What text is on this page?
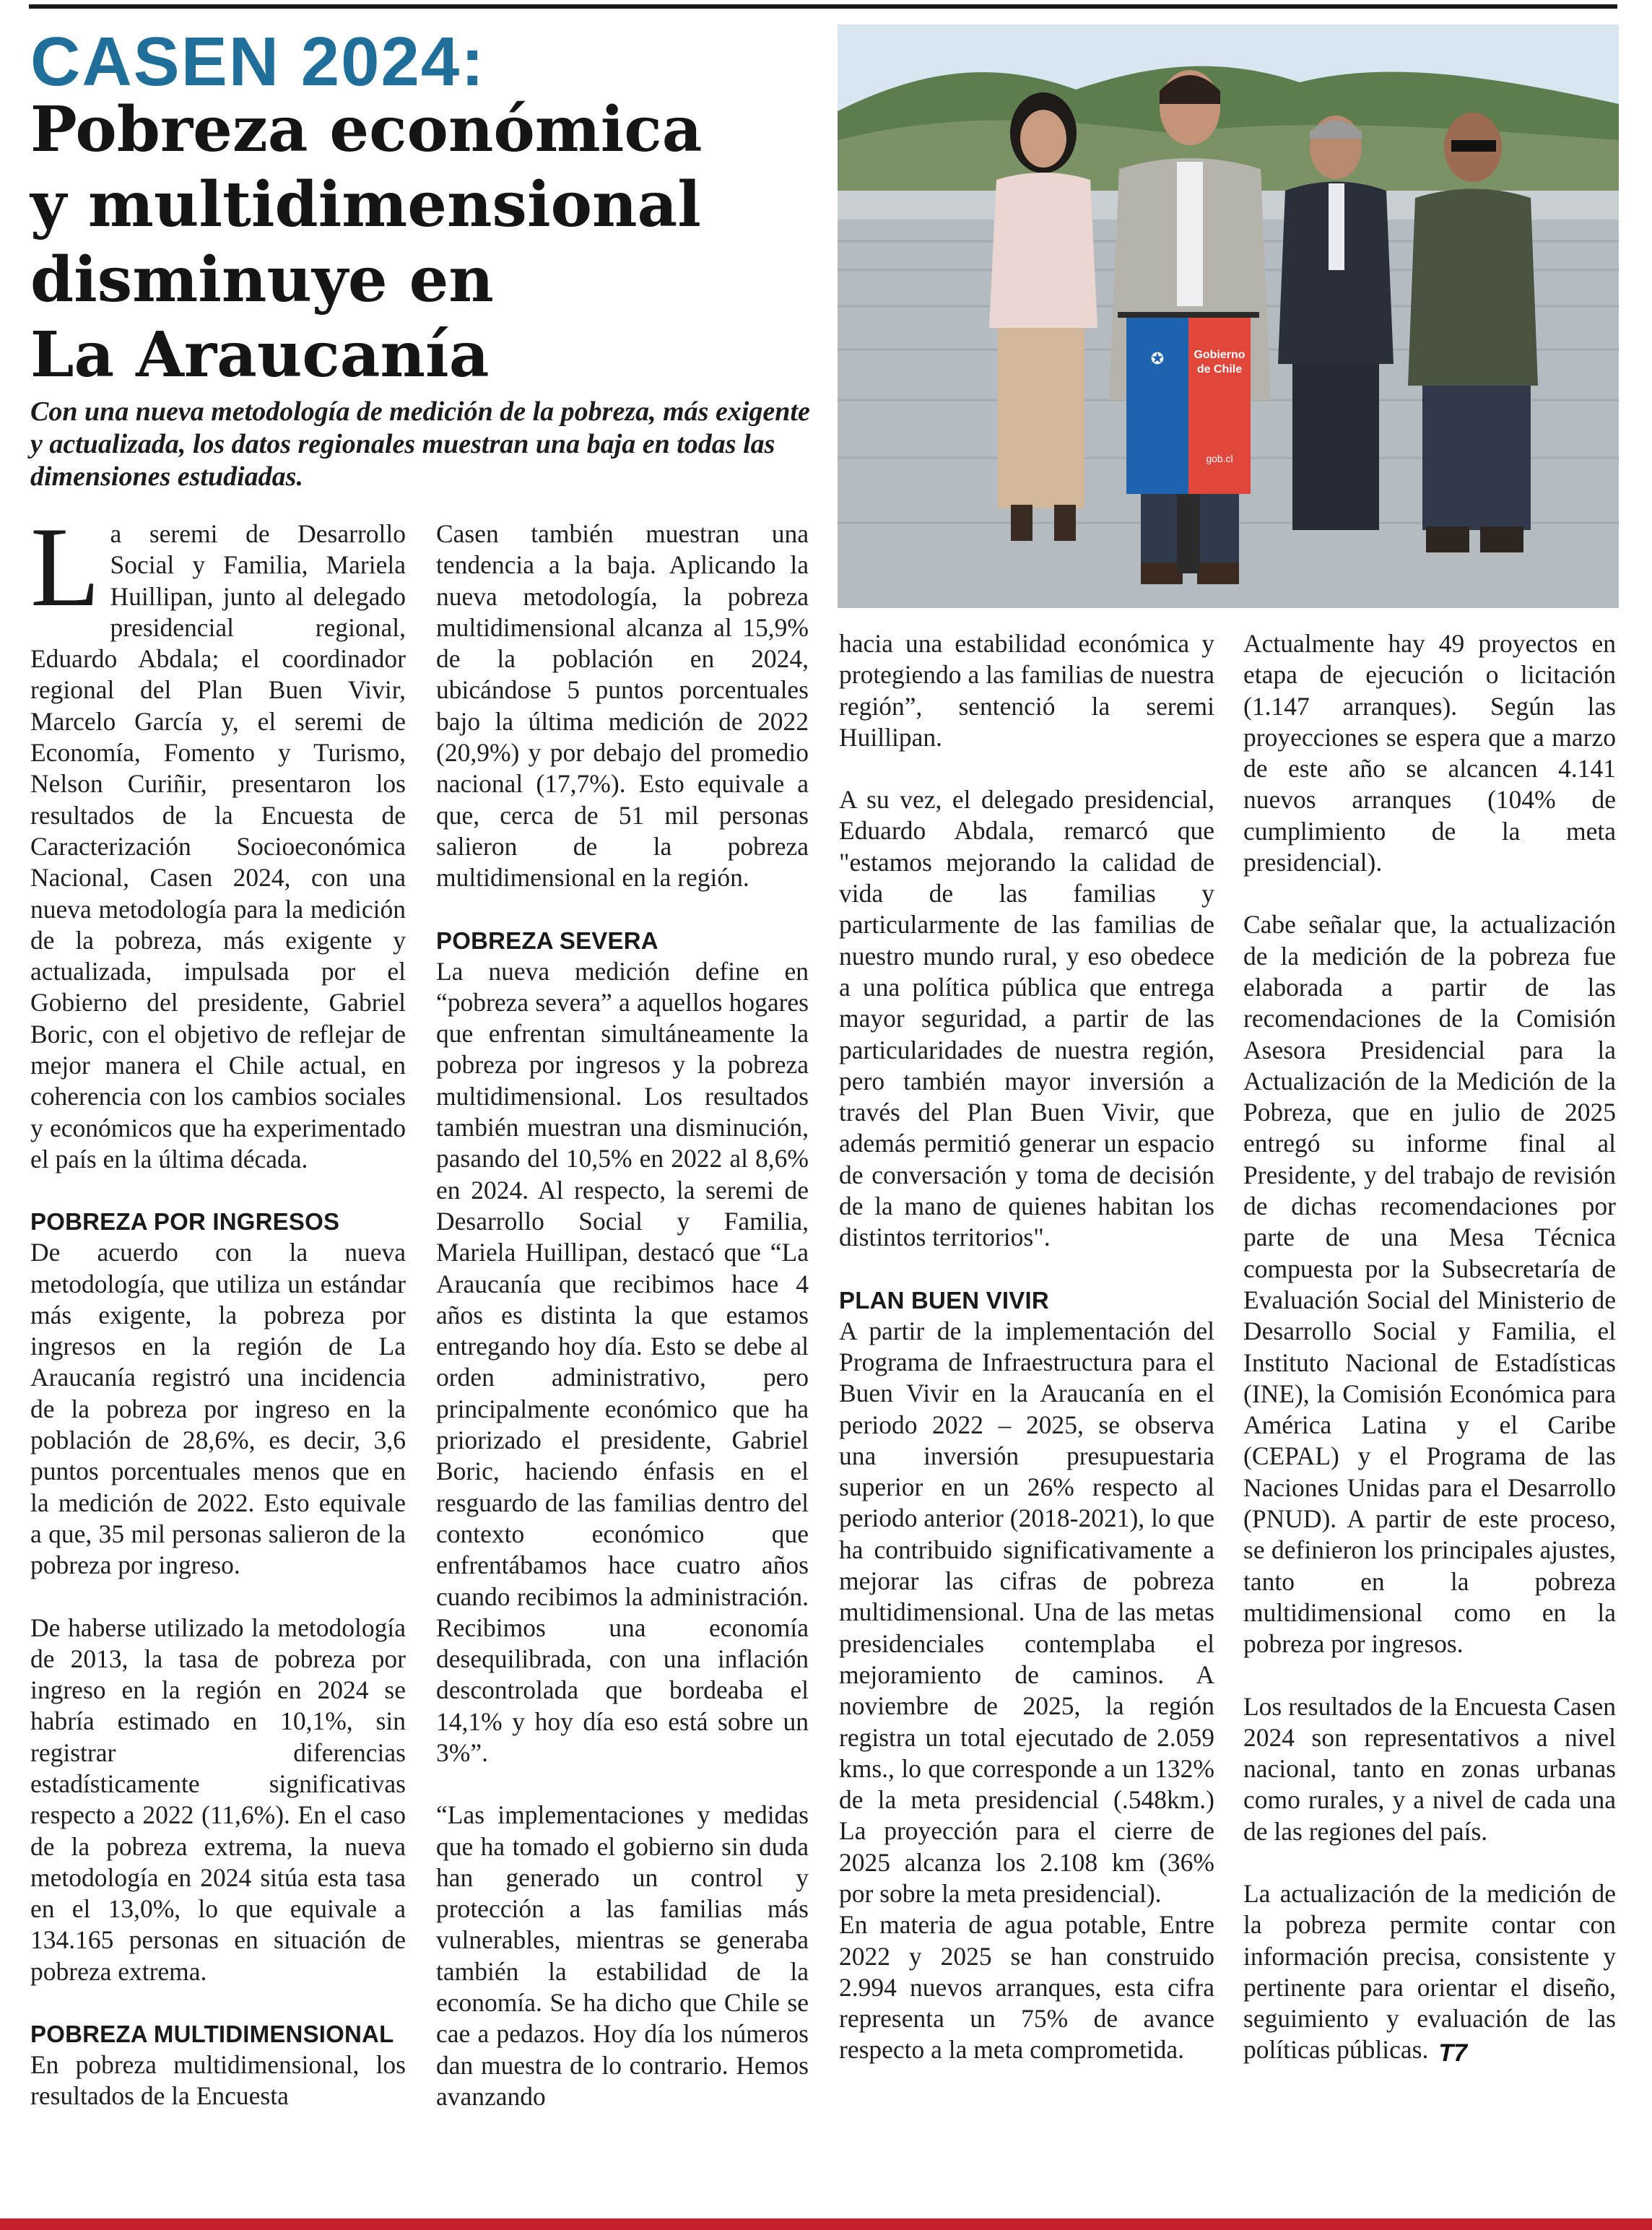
CASEN 2024:
Pobreza económica
y multidimensional
disminuye en
La Araucanía

Con una nueva metodología de medición de la pobreza, más exigente y actualizada, los datos regionales muestran una baja en todas las dimensiones estudiadas.

✪	Gobierno
de Chile
gob.cl

La seremi de Desarrollo Social y Familia, Mariela Huillipan, junto al delegado presidencial regional, Eduardo Abdala; el coordinador regional del Plan Buen Vivir, Marcelo García y, el seremi de Economía, Fomento y Turismo, Nelson Curiñir, presentaron los resultados de la Encuesta de Caracterización Socioeconómica Nacional, Casen 2024, con una nueva metodología para la medición de la pobreza, más exigente y actualizada, impulsada por el Gobierno del presidente, Gabriel Boric, con el objetivo de reflejar de mejor manera el Chile actual, en coherencia con los cambios sociales y económicos que ha experimentado el país en la última década.

POBREZA POR INGRESOS

De acuerdo con la nueva metodología, que utiliza un estándar más exigente, la pobreza por ingresos en la región de La Araucanía registró una incidencia de la pobreza por ingreso en la población de 28,6%, es decir, 3,6 puntos porcentuales menos que en la medición de 2022. Esto equivale a que, 35 mil personas salieron de la pobreza por ingreso.

De haberse utilizado la metodología de 2013, la tasa de pobreza por ingreso en la región en 2024 se habría estimado en 10,1%, sin registrar diferencias estadísticamente significativas respecto a 2022 (11,6%). En el caso de la pobreza extrema, la nueva metodología en 2024 sitúa esta tasa en el 13,0%, lo que equivale a 134.165 personas en situación de pobreza extrema.

POBREZA MULTIDIMENSIONAL

En pobreza multidimensional, los resultados de la Encuesta

Casen también muestran una tendencia a la baja. Aplicando la nueva metodología, la pobreza multidimensional alcanza al 15,9% de la población en 2024, ubicándose 5 puntos porcentuales bajo la última medición de 2022 (20,9%) y por debajo del promedio nacional (17,7%). Esto equivale a que, cerca de 51 mil personas salieron de la pobreza multidimensional en la región.

POBREZA SEVERA

La nueva medición define en “pobreza severa” a aquellos hogares que enfrentan simultáneamente la pobreza por ingresos y la pobreza multidimensional. Los resultados también muestran una disminución, pasando del 10,5% en 2022 al 8,6% en 2024. Al respecto, la seremi de Desarrollo Social y Familia, Mariela Huillipan, destacó que “La Araucanía que recibimos hace 4 años es distinta la que estamos entregando hoy día. Esto se debe al orden administrativo, pero principalmente económico que ha priorizado el presidente, Gabriel Boric, haciendo énfasis en el resguardo de las familias dentro del contexto económico que enfrentábamos hace cuatro años cuando recibimos la administración. Recibimos una economía desequilibrada, con una inflación descontrolada que bordeaba el 14,1% y hoy día eso está sobre un 3%”.

“Las implementaciones y medidas que ha tomado el gobierno sin duda han generado un control y protección a las familias más vulnerables, mientras se generaba también la estabilidad de la economía. Se ha dicho que Chile se cae a pedazos. Hoy día los números dan muestra de lo contrario. Hemos avanzando

hacia una estabilidad económica y protegiendo a las familias de nuestra región”, sentenció la seremi Huillipan.

A su vez, el delegado presidencial, Eduardo Abdala, remarcó que "estamos mejorando la calidad de vida de las familias y particularmente de las familias de nuestro mundo rural, y eso obedece a una política pública que entrega mayor seguridad, a partir de las particularidades de nuestra región, pero también mayor inversión a través del Plan Buen Vivir, que además permitió generar un espacio de conversación y toma de decisión de la mano de quienes habitan los distintos territorios".

PLAN BUEN VIVIR

A partir de la implementación del Programa de Infraestructura para el Buen Vivir en la Araucanía en el periodo 2022 – 2025, se observa una inversión presupuestaria superior en un 26% respecto al periodo anterior (2018-2021), lo que ha contribuido significativamente a mejorar las cifras de pobreza multidimensional. Una de las metas presidenciales contemplaba el mejoramiento de caminos. A noviembre de 2025, la región registra un total ejecutado de 2.059 kms., lo que corresponde a un 132% de la meta presidencial (.548km.) La proyección para el cierre de 2025 alcanza los 2.108 km (36% por sobre la meta presidencial).

En materia de agua potable, Entre 2022 y 2025 se han construido 2.994 nuevos arranques, esta cifra representa un 75% de avance respecto a la meta comprometida.

Actualmente hay 49 proyectos en etapa de ejecución o licitación (1.147 arranques). Según las proyecciones se espera que a marzo de este año se alcancen 4.141 nuevos arranques (104% de cumplimiento de la meta presidencial).

Cabe señalar que, la actualización de la medición de la pobreza fue elaborada a partir de las recomendaciones de la Comisión Asesora Presidencial para la Actualización de la Medición de la Pobreza, que en julio de 2025 entregó su informe final al Presidente, y del trabajo de revisión de dichas recomendaciones por parte de una Mesa Técnica compuesta por la Subsecretaría de Evaluación Social del Ministerio de Desarrollo Social y Familia, el Instituto Nacional de Estadísticas (INE), la Comisión Económica para América Latina y el Caribe (CEPAL) y el Programa de las Naciones Unidas para el Desarrollo (PNUD). A partir de este proceso, se definieron los principales ajustes, tanto en la pobreza multidimensional como en la pobreza por ingresos.

Los resultados de la Encuesta Casen 2024 son representativos a nivel nacional, tanto en zonas urbanas como rurales, y a nivel de cada una de las regiones del país.

La actualización de la medición de la pobreza permite contar con información precisa, consistente y pertinente para orientar el diseño, seguimiento y evaluación de las políticas públicas. T7
